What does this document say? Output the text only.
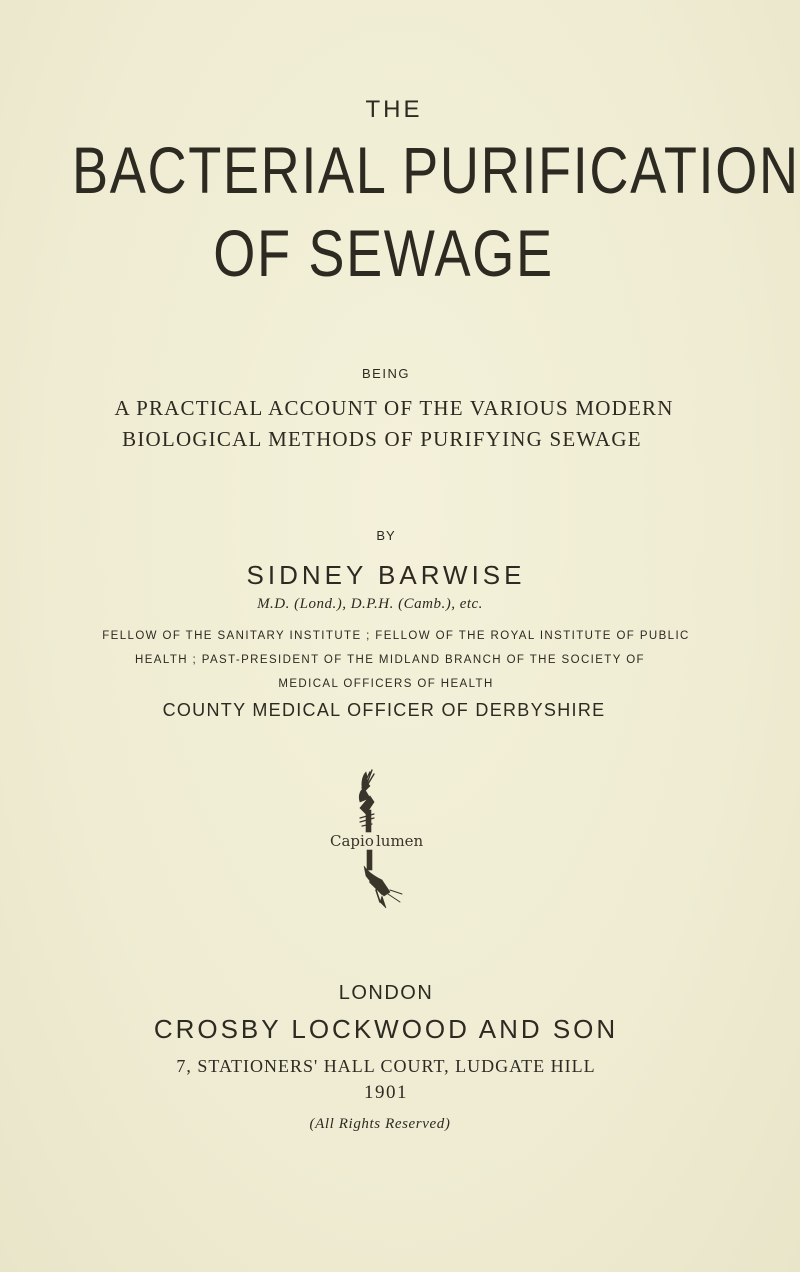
THE
BACTERIAL PURIFICATION
OF SEWAGE
BEING
A PRACTICAL ACCOUNT OF THE VARIOUS MODERN
BIOLOGICAL METHODS OF PURIFYING SEWAGE
BY
SIDNEY BARWISE
M.D. (Lond.), D.P.H. (Camb.), etc.
FELLOW OF THE SANITARY INSTITUTE ; FELLOW OF THE ROYAL INSTITUTE OF PUBLIC
HEALTH ; PAST-PRESIDENT OF THE MIDLAND BRANCH OF THE SOCIETY OF
MEDICAL OFFICERS OF HEALTH
COUNTY MEDICAL OFFICER OF DERBYSHIRE
Capio lumen
LONDON
CROSBY LOCKWOOD AND SON
7, STATIONERS' HALL COURT, LUDGATE HILL
1901
(All Rights Reserved)
